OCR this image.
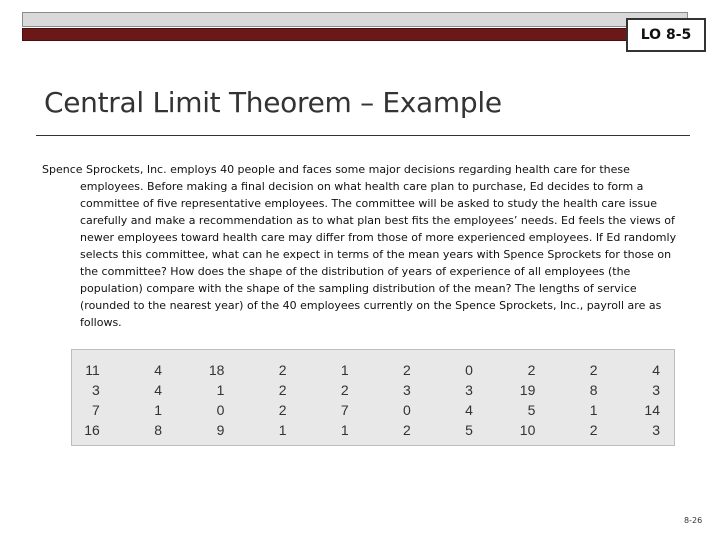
LO 8-5
Central Limit Theorem – Example
Spence Sprockets, Inc. employs 40 people and faces some major decisions regarding health care for these employees. Before making a final decision on what health care plan to purchase, Ed decides to form a committee of five representative employees. The committee will be asked to study the health care issue carefully and make a recommendation as to what plan best fits the employees’ needs. Ed feels the views of newer employees toward health care may differ from those of more experienced employees. If Ed randomly selects this committee, what can he expect in terms of the mean years with Spence Sprockets for those on the committee? How does the shape of the distribution of years of experience of all employees (the population) compare with the shape of the sampling distribution of the mean? The lengths of service (rounded to the nearest year) of the 40 employees currently on the Spence Sprockets, Inc., payroll are as follows.
11	4	18	2	1	2	0	2	2	4
3	4	1	2	2	3	3	19	8	3
7	1	0	2	7	0	4	5	1	14
16	8	9	1	1	2	5	10	2	3
8-26
